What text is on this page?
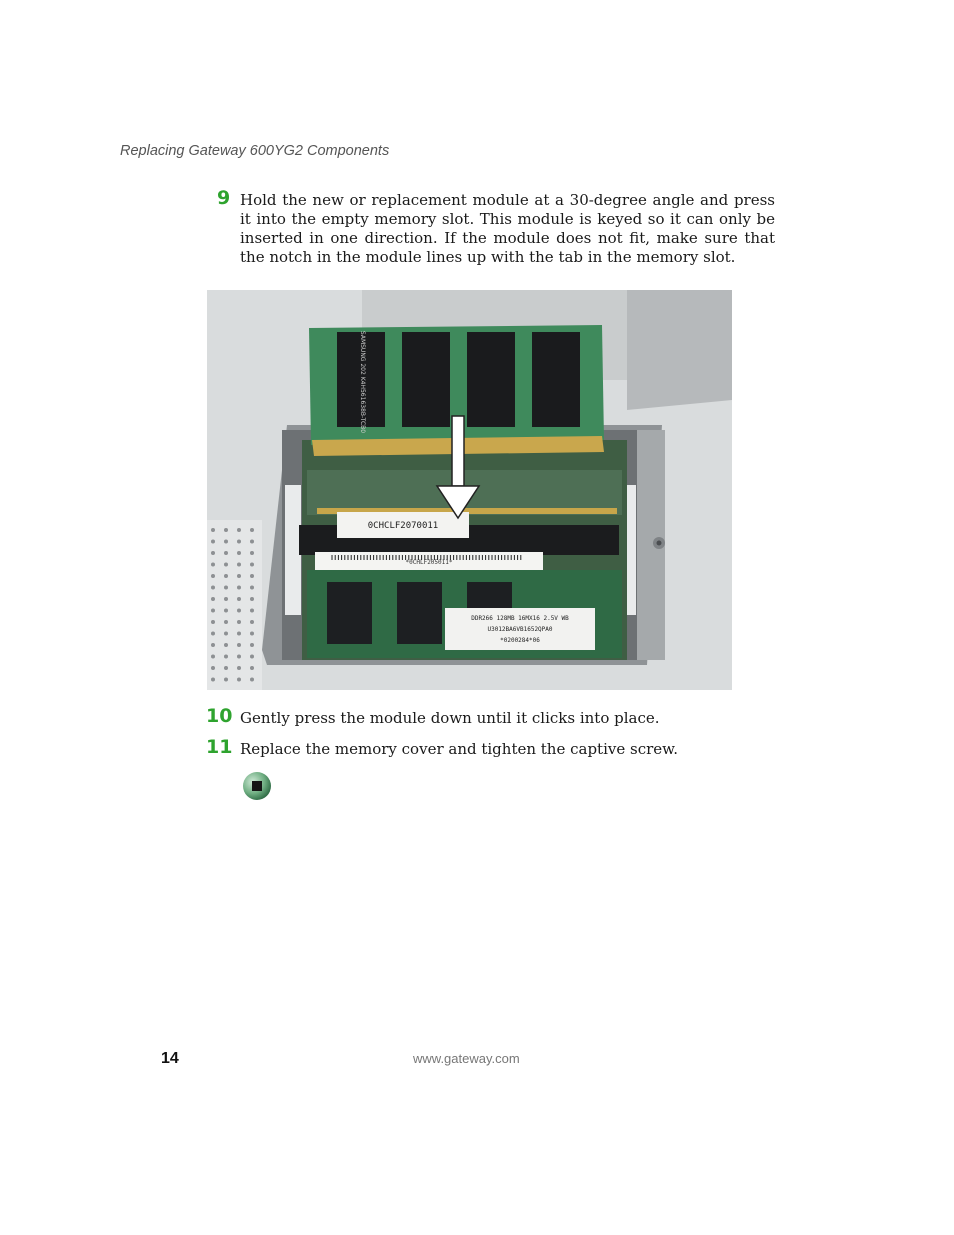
Replacing Gateway 600YG2 Components
9 Hold the new or replacement module at a 30-degree angle and press it into the empty memory slot. This module is keyed so it can only be inserted in one direction. If the module does not fit, make sure that the notch in the module lines up with the tab in the memory slot.
DDR266 128MB 16MX16 2.5V WB
U3012BA6VB1652QPA0
*0200284*06
*0CHLF205011*
SAMSUNG 202 K4H561638B-TCB0
0CHCLF2070011
10 Gently press the module down until it clicks into place.
11 Replace the memory cover and tighten the captive screw.
14	www.gateway.com
